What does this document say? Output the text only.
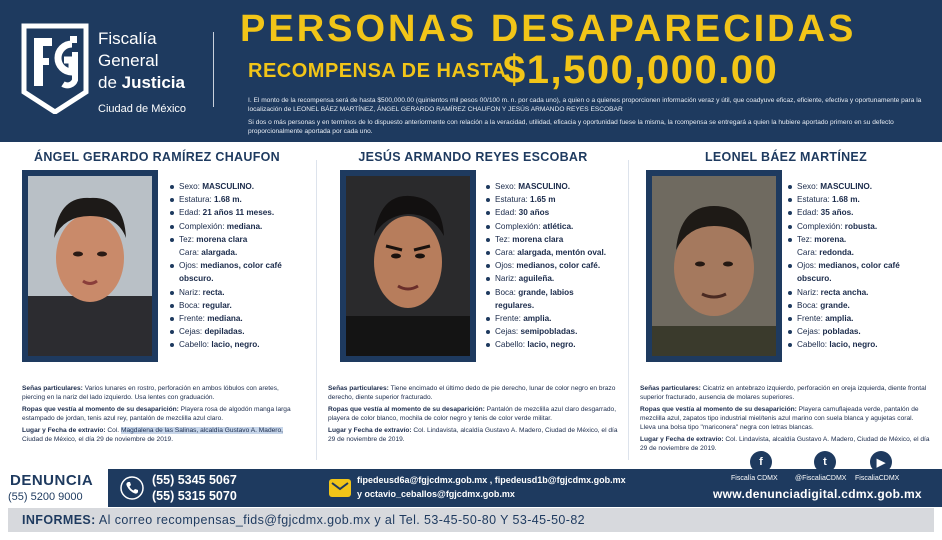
Fiscalía
General
de Justicia
Ciudad de México
PERSONAS DESAPARECIDAS
RECOMPENSA DE HASTA
$1,500,000.00
I. El monto de la recompensa será de hasta $500,000.00 (quinientos mil pesos 00/100 m. n. por cada uno), a quien o a quienes proporcionen información veraz y útil, que coadyuve eficaz, eficiente, efectiva y oportunamente para la localización de LEONEL BÁEZ MARTÍNEZ, ÁNGEL GERARDO RAMÍREZ CHAUFON Y JESÚS ARMANDO REYES ESCOBAR
Si dos o más personas y en terminos de lo dispuesto anteriormente con relación a la veracidad, utilidad, eficacia y oportunidad fuese la misma, la rcompensa se entregará a quien la hubiere aportado primero en su defecto proporcionalmente aportada por cada uno.
ÁNGEL GERARDO RAMÍREZ CHAUFON
Sexo: MASCULINO.
Estatura: 1.68 m.
Edad: 21 años 11 meses.
Complexión: mediana.
Tez: morena clara
Cara: alargada.
Ojos: medianos, color café
obscuro.
Nariz: recta.
Boca: regular.
Frente: mediana.
Cejas: depiladas.
Cabello: lacio, negro.

Señas particulares: Varios lunares en rostro, perforación en ambos lóbulos con aretes, piercing en la nariz del lado izquierdo. Usa lentes con graduación.

Ropas que vestía al momento de su desaparición: Playera rosa de algodón manga larga estampado de jordan, tenis azul rey, pantalón de mezclilla azul claro.

Lugar y Fecha de extravío: Col. Magdalena de las Salinas, alcaldía Gustavo A. Madero, Ciudad de México, el día 29 de noviembre de 2019.

JESÚS ARMANDO REYES ESCOBAR
Sexo: MASCULINO.
Estatura: 1.65 m
Edad: 30 años
Complexión: atlética.
Tez: morena clara
Cara: alargada, mentón oval.
Ojos: medianos, color café.
Nariz: aguileña.
Boca: grande, labios
regulares.
Frente: amplia.
Cejas: semipobladas.
Cabello: lacio, negro.

Señas particulares: Tiene encimado el último dedo de pie derecho, lunar de color negro en brazo derecho, diente superior fracturado.

Ropas que vestía al momento de su desaparición: Pantalón de mezclilla azul claro desgarrado, playera de color blanco, mochila de color negro y tenis de color verde militar.

Lugar y Fecha de extravío: Col. Lindavista, alcaldía Gustavo A. Madero, Ciudad de México, el día 29 de noviembre de 2019.

LEONEL BÁEZ MARTÍNEZ
Sexo: MASCULINO.
Estatura: 1.68 m.
Edad: 35 años.
Complexión: robusta.
Tez: morena.
Cara: redonda.
Ojos: medianos, color café
obscuro.
Nariz: recta ancha.
Boca: grande.
Frente: amplia.
Cejas: pobladas.
Cabello: lacio, negro.

Señas particulares: Cicatriz en antebrazo izquierdo, perforación en oreja izquierda, diente frontal superior fracturado, ausencia de molares superiores.

Ropas que vestía al momento de su desaparición: Playera camuflajeada verde, pantalón de mezclilla azul, zapatos tipo industrial miel/tenis azul marino con suela blanca y agujetas coral. Lleva una bolsa tipo "mariconera" negra con letras blancas.

Lugar y Fecha de extravío: Col. Lindavista, alcaldía Gustavo A. Madero, Ciudad de México, el día 29 de noviembre de 2019.

DENUNCIA
(55) 5200 9000
(55) 5345 5067
(55) 5315 5070
fipedeusd6a@fgjcdmx.gob.mx , fipedeusd1b@fgjcdmx.gob.mx
y octavio_ceballos@fgjcdmx.gob.mx
f
Fiscalía CDMX
t
@FiscaliaCDMX
▶
FiscaliaCDMX
www.denunciadigital.cdmx.gob.mx
INFORMES: Al correo recompensas_fids@fgjcdmx.gob.mx y al Tel. 53-45-50-80 Y 53-45-50-82
